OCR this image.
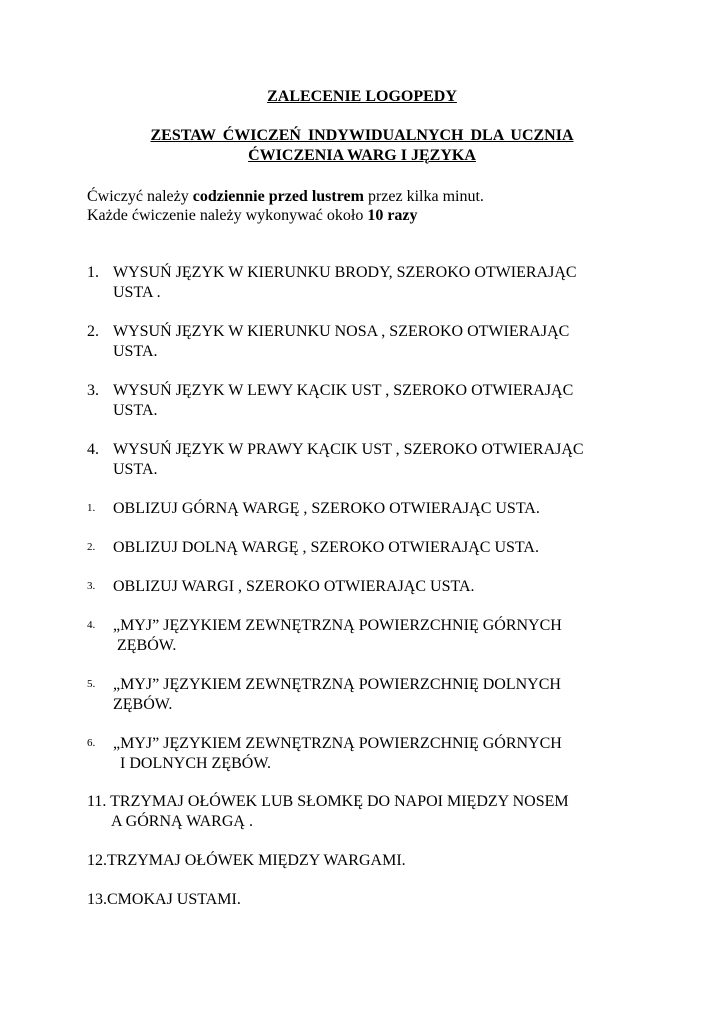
ZALECENIE LOGOPEDY
ZESTAW ĆWICZEŃ INDYWIDUALNYCH DLA UCZNIA
ĆWICZENIA WARG I JĘZYKA
Ćwiczyć należy codziennie przed lustrem przez kilka minut.
Każde ćwiczenie należy wykonywać około 10 razy
1. WYSUŃ JĘZYK W KIERUNKU BRODY, SZEROKO OTWIERAJĄC
USTA .
2. WYSUŃ JĘZYK W KIERUNKU NOSA , SZEROKO OTWIERAJĄC
USTA.
3. WYSUŃ JĘZYK W LEWY KĄCIK UST , SZEROKO OTWIERAJĄC
USTA.
4. WYSUŃ JĘZYK W PRAWY KĄCIK UST , SZEROKO OTWIERAJĄC
USTA.
1. OBLIZUJ GÓRNĄ WARGĘ , SZEROKO OTWIERAJĄC USTA.
2. OBLIZUJ DOLNĄ WARGĘ , SZEROKO OTWIERAJĄC USTA.
3. OBLIZUJ WARGI , SZEROKO OTWIERAJĄC USTA.
4. „MYJ” JĘZYKIEM ZEWNĘTRZNĄ POWIERZCHNIĘ GÓRNYCH
ZĘBÓW.
5. „MYJ” JĘZYKIEM ZEWNĘTRZNĄ POWIERZCHNIĘ DOLNYCH
ZĘBÓW.
6. „MYJ” JĘZYKIEM ZEWNĘTRZNĄ POWIERZCHNIĘ GÓRNYCH
I DOLNYCH ZĘBÓW.
11. TRZYMAJ OŁÓWEK LUB SŁOMKĘ DO NAPOI MIĘDZY NOSEM
A GÓRNĄ WARGĄ .
12.TRZYMAJ OŁÓWEK MIĘDZY WARGAMI.
13.CMOKAJ USTAMI.
